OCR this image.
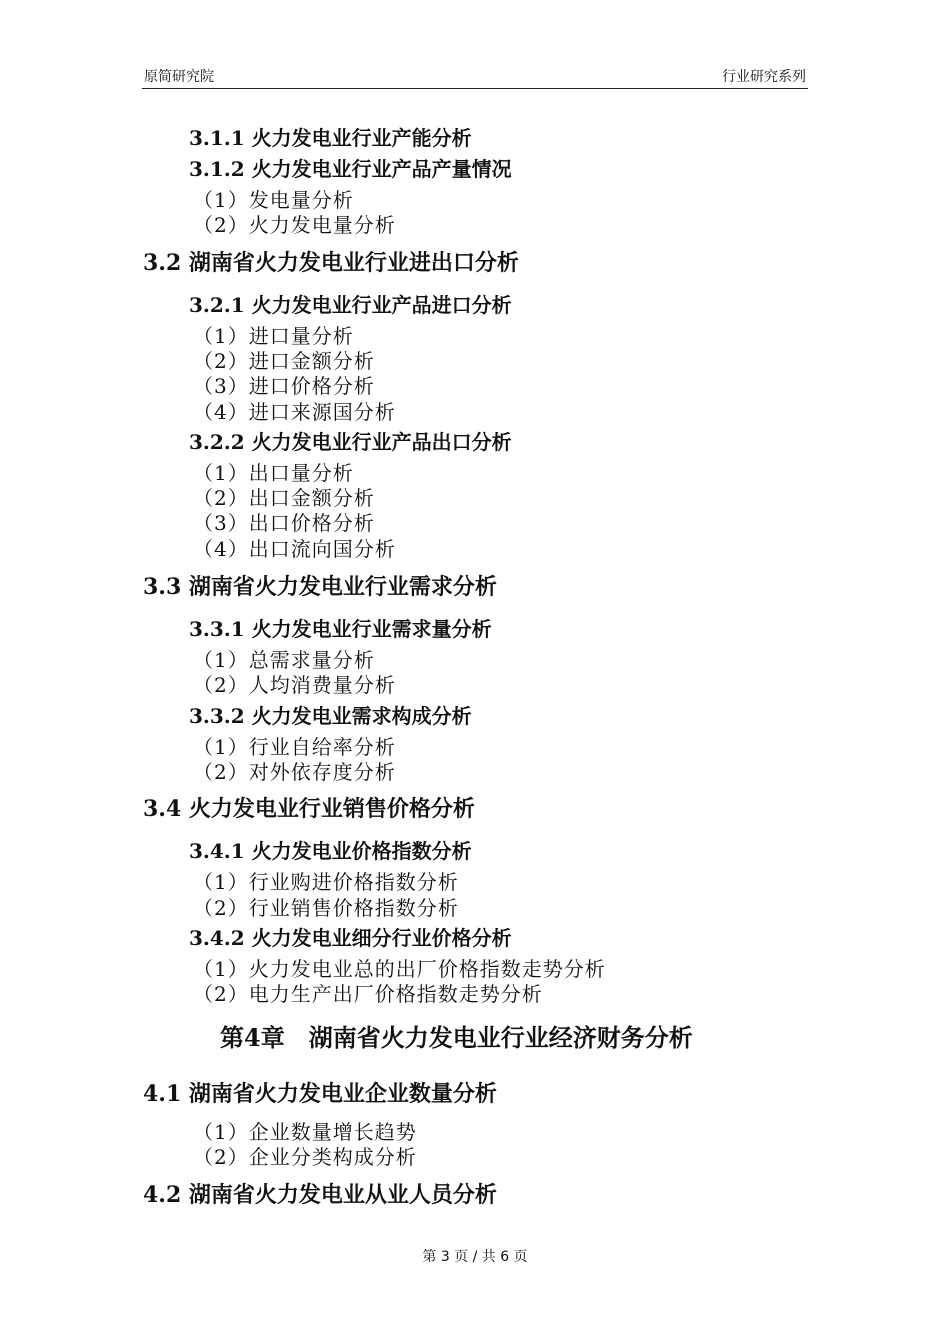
原简研究院	行业研究系列
3.1.1 火力发电业行业产能分析
3.1.2 火力发电业行业产品产量情况
（1）发电量分析
（2）火力发电量分析
3.2 湖南省火力发电业行业进出口分析
3.2.1 火力发电业行业产品进口分析
（1）进口量分析
（2）进口金额分析
（3）进口价格分析
（4）进口来源国分析
3.2.2 火力发电业行业产品出口分析
（1）出口量分析
（2）出口金额分析
（3）出口价格分析
（4）出口流向国分析
3.3 湖南省火力发电业行业需求分析
3.3.1 火力发电业行业需求量分析
（1）总需求量分析
（2）人均消费量分析
3.3.2 火力发电业需求构成分析
（1）行业自给率分析
（2）对外依存度分析
3.4 火力发电业行业销售价格分析
3.4.1 火力发电业价格指数分析
（1）行业购进价格指数分析
（2）行业销售价格指数分析
3.4.2 火力发电业细分行业价格分析
（1）火力发电业总的出厂价格指数走势分析
（2）电力生产出厂价格指数走势分析
第4章　湖南省火力发电业行业经济财务分析
4.1 湖南省火力发电业企业数量分析
（1）企业数量增长趋势
（2）企业分类构成分析
4.2 湖南省火力发电业从业人员分析
第 3 页 / 共 6 页
